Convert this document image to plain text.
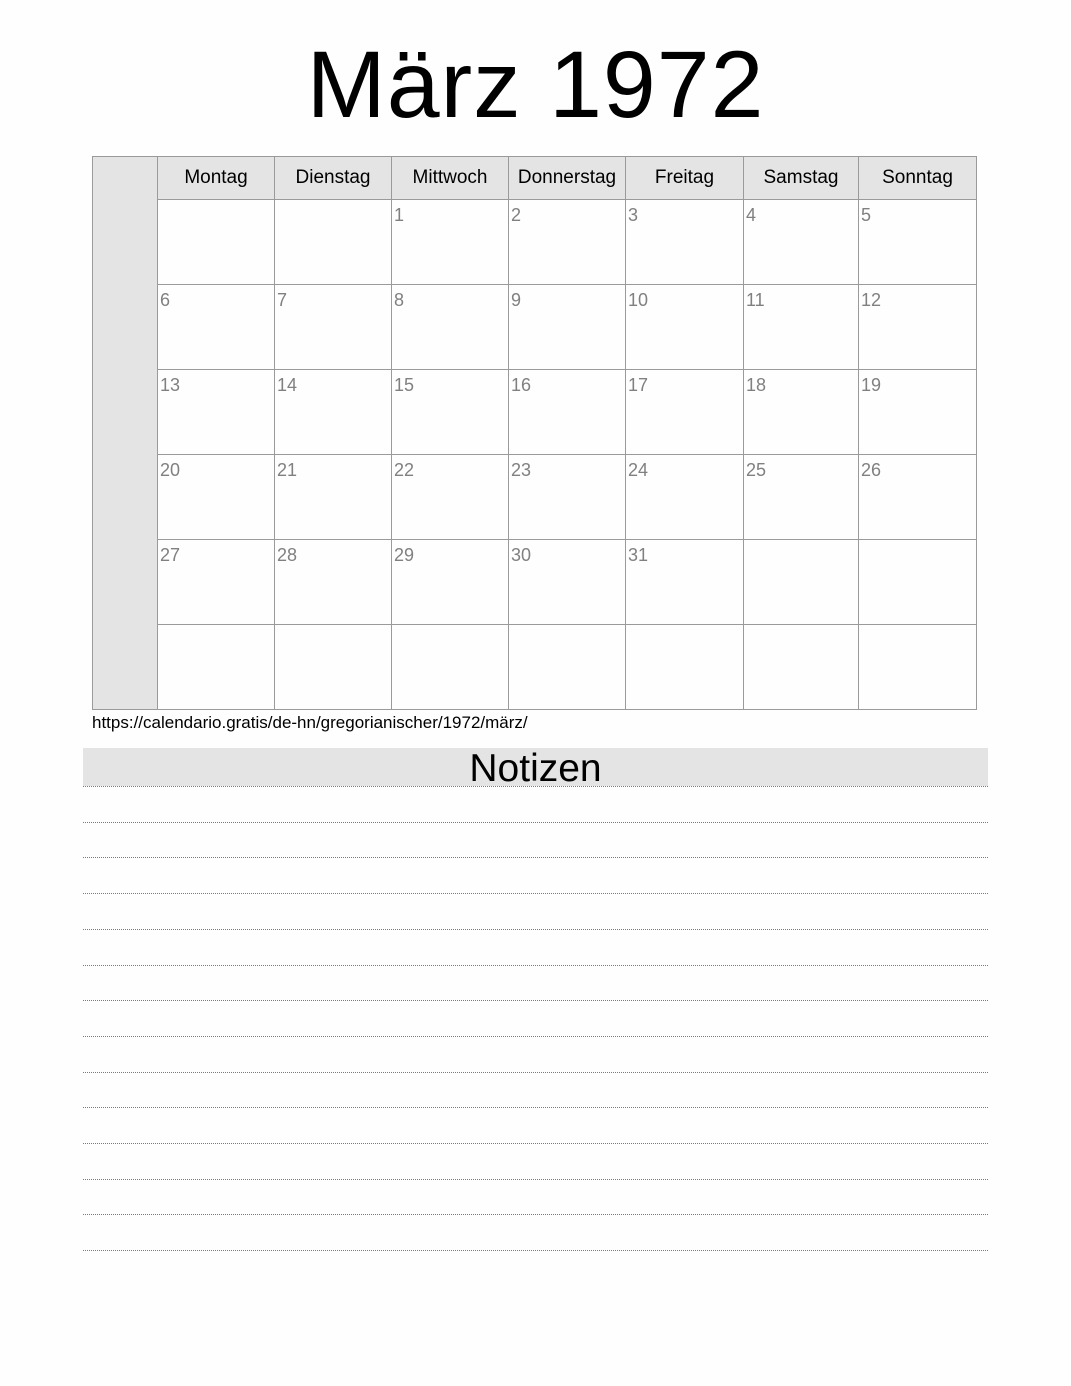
März 1972
Montag	Dienstag	Mittwoch	Donnerstag	Freitag	Samstag	Sonntag

		1	2	3	4	5

6	7	8	9	10	11	12

13	14	15	16	17	18	19

20	21	22	23	24	25	26

27	28	29	30	31		

https://calendario.gratis/de-hn/gregorianischer/1972/märz/
Notizen
